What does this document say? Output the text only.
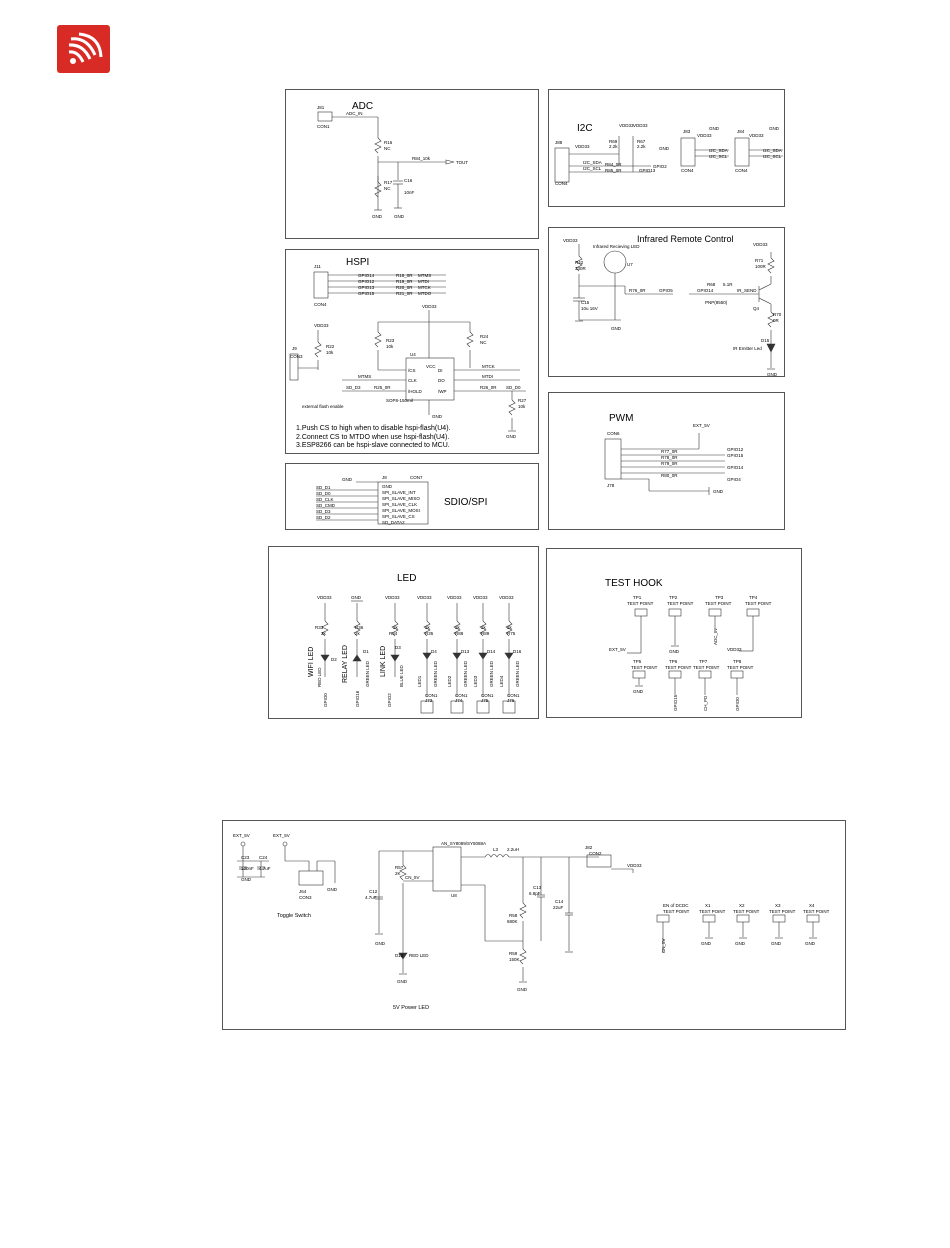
ADC
J81
CON1
ADC_IN
R16
NC
R84_10k
TOUT
R17
NC
C16
10nF
GND	GND
I2C	VDD33 VDD33
R69
2.2k
R67
2.2k
VDD33	GND
J88
I2C_SDA
I2C_SCL
R84_0R
R85_0R
GPIO2
GPIO13
CON4
J83
VDD33
GND
I2C_SDA
I2C_SCL
CON4
J84
VDD33
GND
I2C_SDA
I2C_SCL
CON4
HSPI
J11
GPIO14
GPIO12
GPIO13
GPIO15
R18_0R
R19_0R
R20_0R
R21_0R
MTMS
MTDI
MTCK
MTDO
CON4
VDD33
R22
10k
J9
CON3
VDD33
R23
10k
R24
NC
U4
/CS
CLK
/HOLD
VCC
DI
DO
/WP
GND
SOP8-150mil
MTCK
MTDI
MTMS
SD_D3	R25_0R	R26_0R SD_D0
R27
10k
GND
external flash enable
1.Push CS to high when to disable hspi-flash(U4).
2.Connect CS to MTDO when use hspi-flash(U4).
3.ESP8266 can be hspi-slave connected to MCU.
SDIO/SPI
GND	J8	CON7
GND
SPI_SLAVE_INT
SPI_SLAVE_MISO
SPI_SLAVE_CLK
SPI_SLAVE_MOSI
SPI_SLAVE_CS
SD_DATA2
SD_D1
SD_D0
SD_CLK
SD_CMD
SD_D3
SD_D2
Infrared Remote Control
VDD33
Infrared Recieving LED
R42
330R
U7
R76_0R	GPIO5
C15
10u 16V
GND
VDD33
R71
100R
R68 5.1R
IR_SEND
GPIO14
PNP(8550)
Q4
R70
0R
D15
IR Emitter Led
GND
PWM
EXT_5V
CON6
J78
R77_0R
R78_0R
R79_0R
R80_0R
GPIO12
GPIO15
GPIO14
GPIO4
GND
LED
WIFI LED	RELAY LED	LINK LED
VDD33	GND	VDD33	VDD33	VDD33	VDD33	VDD33
R33
2k
R36
2k
2k
R34
2k
R35
2k
R88
2k
R89
2k
R75
D2
D1
D3
D4	D13	D14	D16
RED LED	GREEN LED	BLUE LED	GREEN LED	GREEN LED	GREEN LED	GREEN LED
GPIO0	GPIO16	GPIO2
LED1	LED2	LED3	LED4
CON1	CON1	CON1	CON1
J73	J74	J75	J76
TEST HOOK
TP1
TEST POINT
EXT_5V
TP2
TEST POINT
GND
TP3
TEST POINT
ADC_IN
TP4
TEST POINT
VDD33
TP5
TEST POINT
GND
TP6
TEST POINT
GPIO15
TP7
TEST POINT
CH_PD
TP8
TEST POINT
GPIO0
EXT_5V	EXT_5V
C23 C24
100nF 4.7uF
GND
J64
CON3
GND
Toggle Switch
R57
2K
C12
4.7uF
GND
CN_5V
U8
AN_SY8089/SY8088A
L3 2.2uH
C13
6.8pF
C14
22uF
R58
680K
R59
150K
GND
J82
CON2
VDD33
D12 RED LED
GND
5V Power LED
EN of DCDC
TEST POINT
CN_5V
X1
TEST POINT
GND
X2
TEST POINT
GND
X3
TEST POINT
GND
X4
TEST POINT
GND
